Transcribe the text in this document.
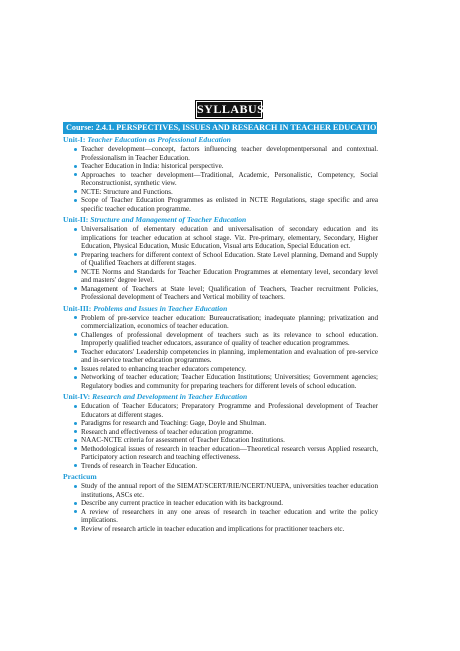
SYLLABUS
Course: 2.4.1. PERSPECTIVES, ISSUES AND RESEARCH IN TEACHER EDUCATION
Unit-I: Teacher Education as Professional Education
Teacher development—concept, factors influencing teacher developmentpersonal and contextual. Professionalism in Teacher Education.
Teacher Education in India: historical perspective.
Approaches to teacher development—Traditional, Academic, Personalistic, Competency, Social Reconstructionist, synthetic view.
NCTE: Structure and Functions.
Scope of Teacher Education Programmes as enlisted in NCTE Regulations, stage specific and area specific teacher education programme.
Unit-II: Structure and Management of Teacher Education
Universalisation of elementary education and universalisation of secondary education and its implications for teacher education at school stage. Viz. Pre-primary, elementary, Secondary, Higher Education, Physical Education, Music Education, Visual arts Education, Special Education ect.
Preparing teachers for different context of School Education. State Level planning, Demand and Supply of Qualified Teachers at different stages.
NCTE Norms and Standards for Teacher Education Programmes at elementary level, secondary level and masters' degree level.
Management of Teachers at State level; Qualification of Teachers, Teacher recruitment Policies, Professional development of Teachers and Vertical mobility of teachers.
Unit-III: Problems and Issues in Teacher Education
Problem of pre-service teacher education: Bureaucratisation; inadequate planning; privatization and commercialization, economics of teacher education.
Challenges of professional development of teachers such as its relevance to school education. Improperly qualified teacher educators, assurance of quality of teacher education programmes.
Teacher educators' Leadership competencies in planning, implementation and evaluation of pre-service and in-service teacher education programmes.
Issues related to enhancing teacher educators competency.
Networking of teacher education; Teacher Education Institutions; Universities; Government agencies; Regulatory bodies and community for preparing teachers for different levels of school education.
Unit-IV: Research and Development in Teacher Education
Education of Teacher Educators; Preparatory Programme and Professional development of Teacher Educators at different stages.
Paradigms for research and Teaching: Gage, Doyle and Shulman.
Research and effectiveness of teacher education programme.
NAAC-NCTE criteria for assessment of Teacher Education Institutions.
Methodological issues of research in teacher education—Theoretical research versus Applied research, Participatory action research and teaching effectiveness.
Trends of research in Teacher Education.
Practicum
Study of the annual report of the SIEMAT/SCERT/RIE/NCERT/NUEPA, universities teacher education institutions, ASCs etc.
Describe any current practice in teacher education with its background.
A review of researchers in any one areas of research in teacher education and write the policy implications.
Review of research article in teacher education and implications for practitioner teachers etc.
